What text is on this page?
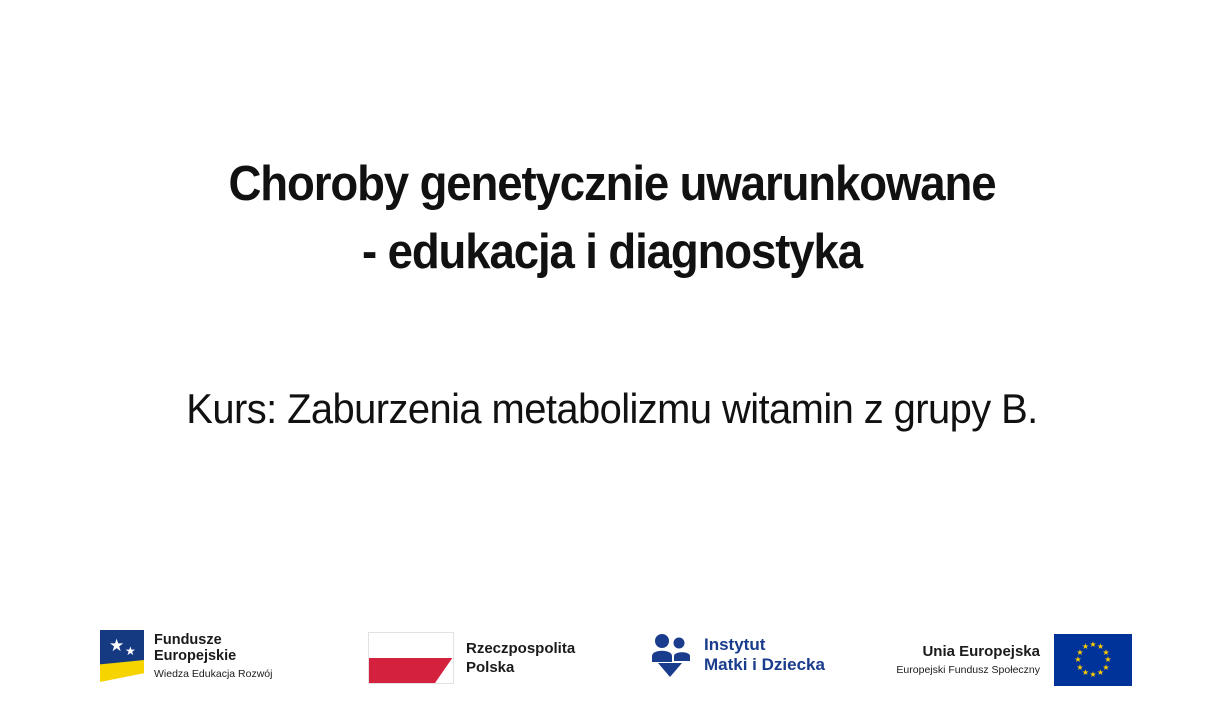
Choroby genetycznie uwarunkowane
- edukacja i diagnostyka
Kurs: Zaburzenia metabolizmu witamin z grupy B.
★ ★
Fundusze
Europejskie
Wiedza Edukacja Rozwój
Rzeczpospolita
Polska
Instytut
Matki i Dziecka
Unia Europejska
Europejski Fundusz Społeczny
★ ★
★
★
★
★
★
★
★
★
★
★
